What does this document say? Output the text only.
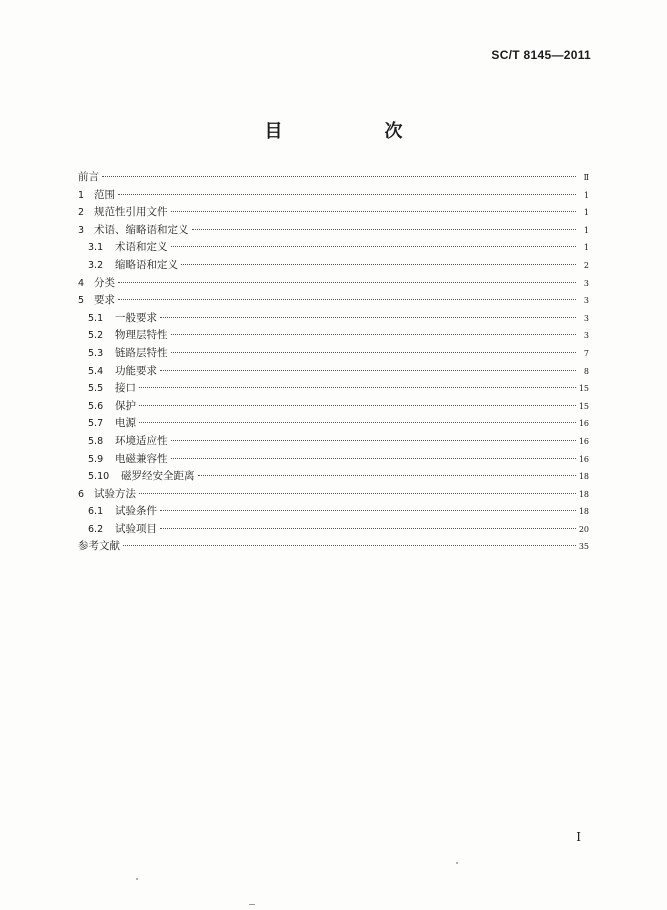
SC/T 8145—2011
目　次
前言	Ⅱ
1 范围	1
2 规范性引用文件	1
3 术语、缩略语和定义	1
3.1	术语和定义	1
3.2	缩略语和定义	2
4 分类	3
5 要求	3
5.1	一般要求	3
5.2	物理层特性	3
5.3	链路层特性	7
5.4	功能要求	8
5.5	接口	15
5.6	保护	15
5.7	电源	16
5.8	环境适应性	16
5.9	电磁兼容性	16
5.10	磁罗经安全距离	18
6 试验方法	18
6.1	试验条件	18
6.2	试验项目	20
参考文献	35
I
